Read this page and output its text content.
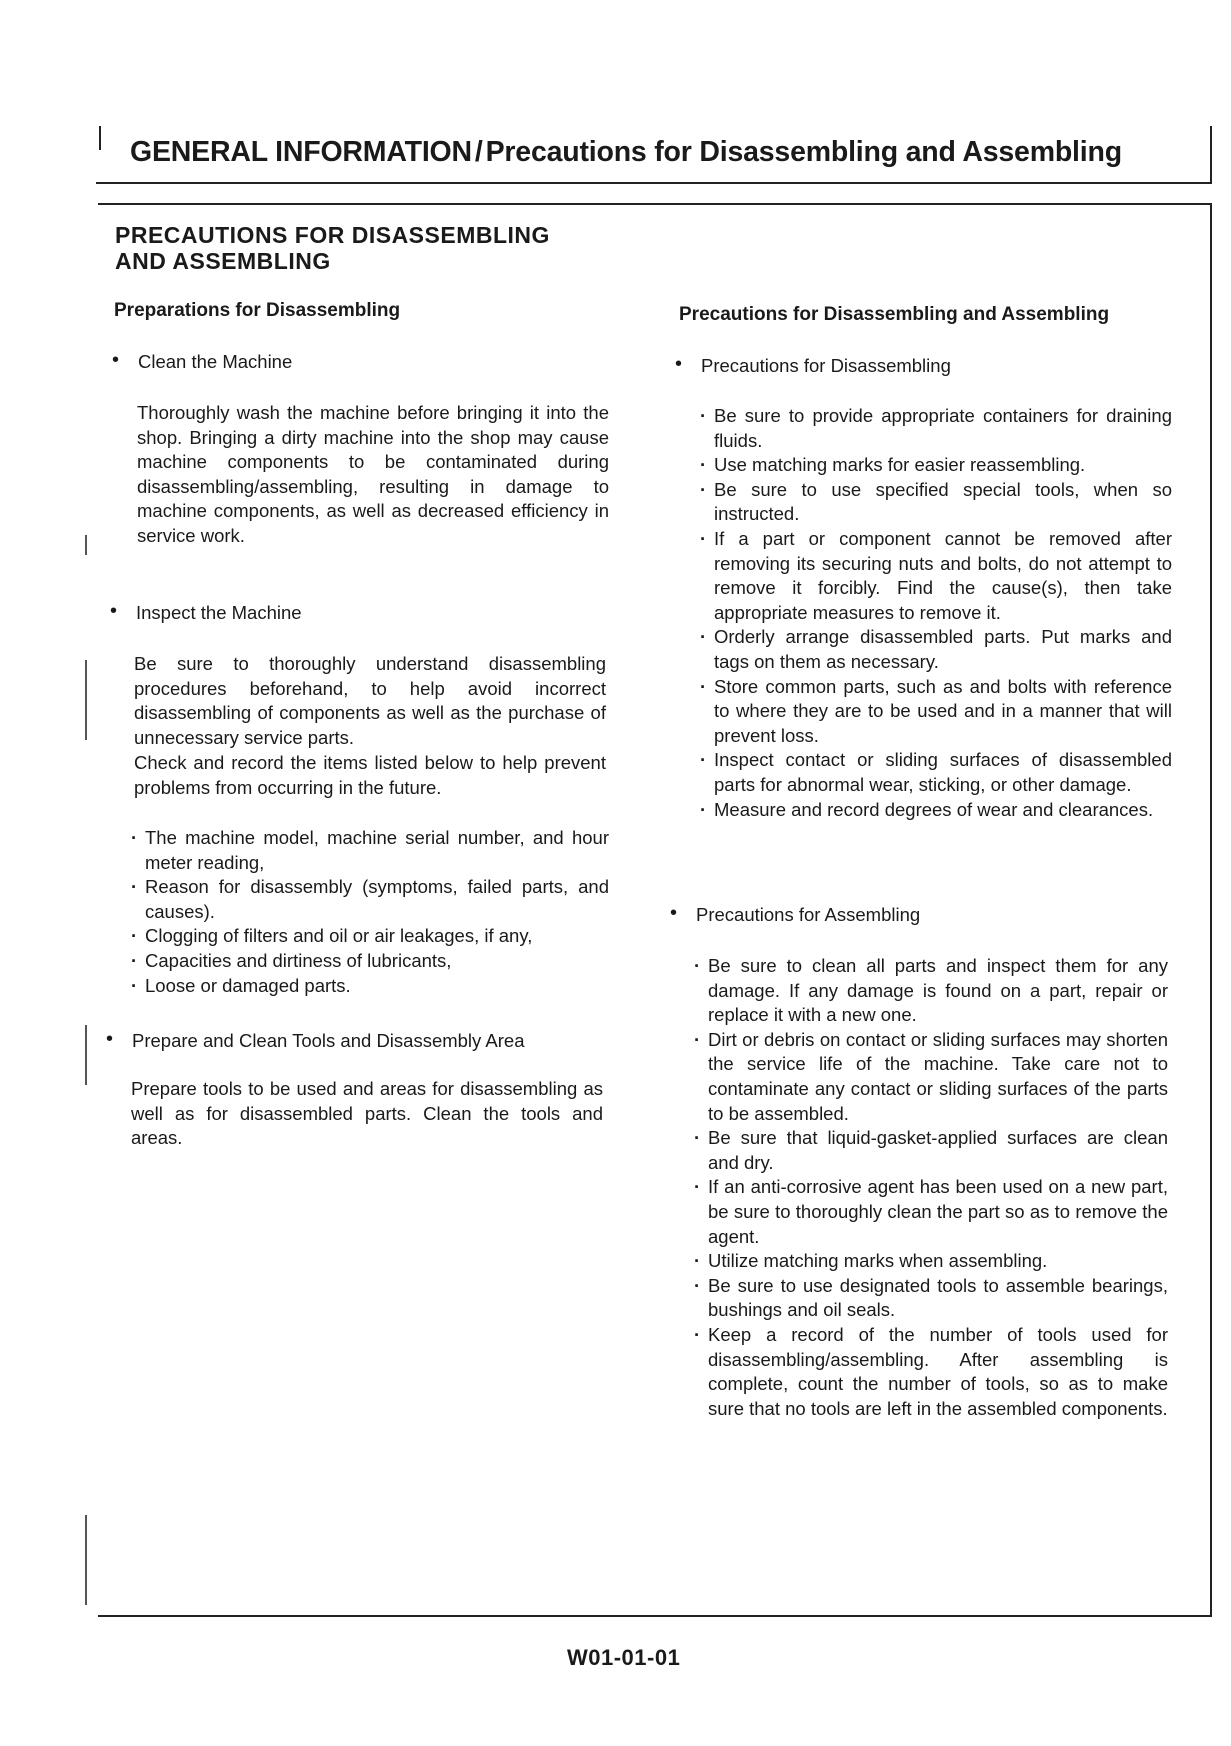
GENERAL INFORMATION / Precautions for Disassembling and Assembling
PRECAUTIONS FOR DISASSEMBLING
AND ASSEMBLING
Preparations for Disassembling
• Clean the Machine

Thoroughly wash the machine before bringing it into the shop. Bringing a dirty machine into the shop may cause machine components to be contaminated during disassembling/assembling, resulting in damage to machine components, as well as decreased efficiency in service work.

• Inspect the Machine

Be sure to thoroughly understand disassembling procedures beforehand, to help avoid incorrect disassembling of components as well as the purchase of unnecessary service parts.

Check and record the items listed below to help prevent problems from occurring in the future.

· The machine model, machine serial number, and hour meter reading,
· Reason for disassembly (symptoms, failed parts, and causes).
· Clogging of filters and oil or air leakages, if any,
· Capacities and dirtiness of lubricants,
· Loose or damaged parts.
• Prepare and Clean Tools and Disassembly Area

Prepare tools to be used and areas for disassembling as well as for disassembled parts. Clean the tools and areas.

Precautions for Disassembling and Assembling
• Precautions for Disassembling
· Be sure to provide appropriate containers for draining fluids.
· Use matching marks for easier reassembling.
· Be sure to use specified special tools, when so instructed.
· If a part or component cannot be removed after removing its securing nuts and bolts, do not attempt to remove it forcibly. Find the cause(s), then take appropriate measures to remove it.
· Orderly arrange disassembled parts. Put marks and tags on them as necessary.
· Store common parts, such as and bolts with reference to where they are to be used and in a manner that will prevent loss.
· Inspect contact or sliding surfaces of disassembled parts for abnormal wear, sticking, or other damage.
· Measure and record degrees of wear and clearances.
• Precautions for Assembling
· Be sure to clean all parts and inspect them for any damage. If any damage is found on a part, repair or replace it with a new one.
· Dirt or debris on contact or sliding surfaces may shorten the service life of the machine. Take care not to contaminate any contact or sliding surfaces of the parts to be assembled.
· Be sure that liquid-gasket-applied surfaces are clean and dry.
· If an anti-corrosive agent has been used on a new part, be sure to thoroughly clean the part so as to remove the agent.
· Utilize matching marks when assembling.
· Be sure to use designated tools to assemble bearings, bushings and oil seals.
· Keep a record of the number of tools used for disassembling/assembling. After assembling is complete, count the number of tools, so as to make sure that no tools are left in the assembled components.
W01-01-01
